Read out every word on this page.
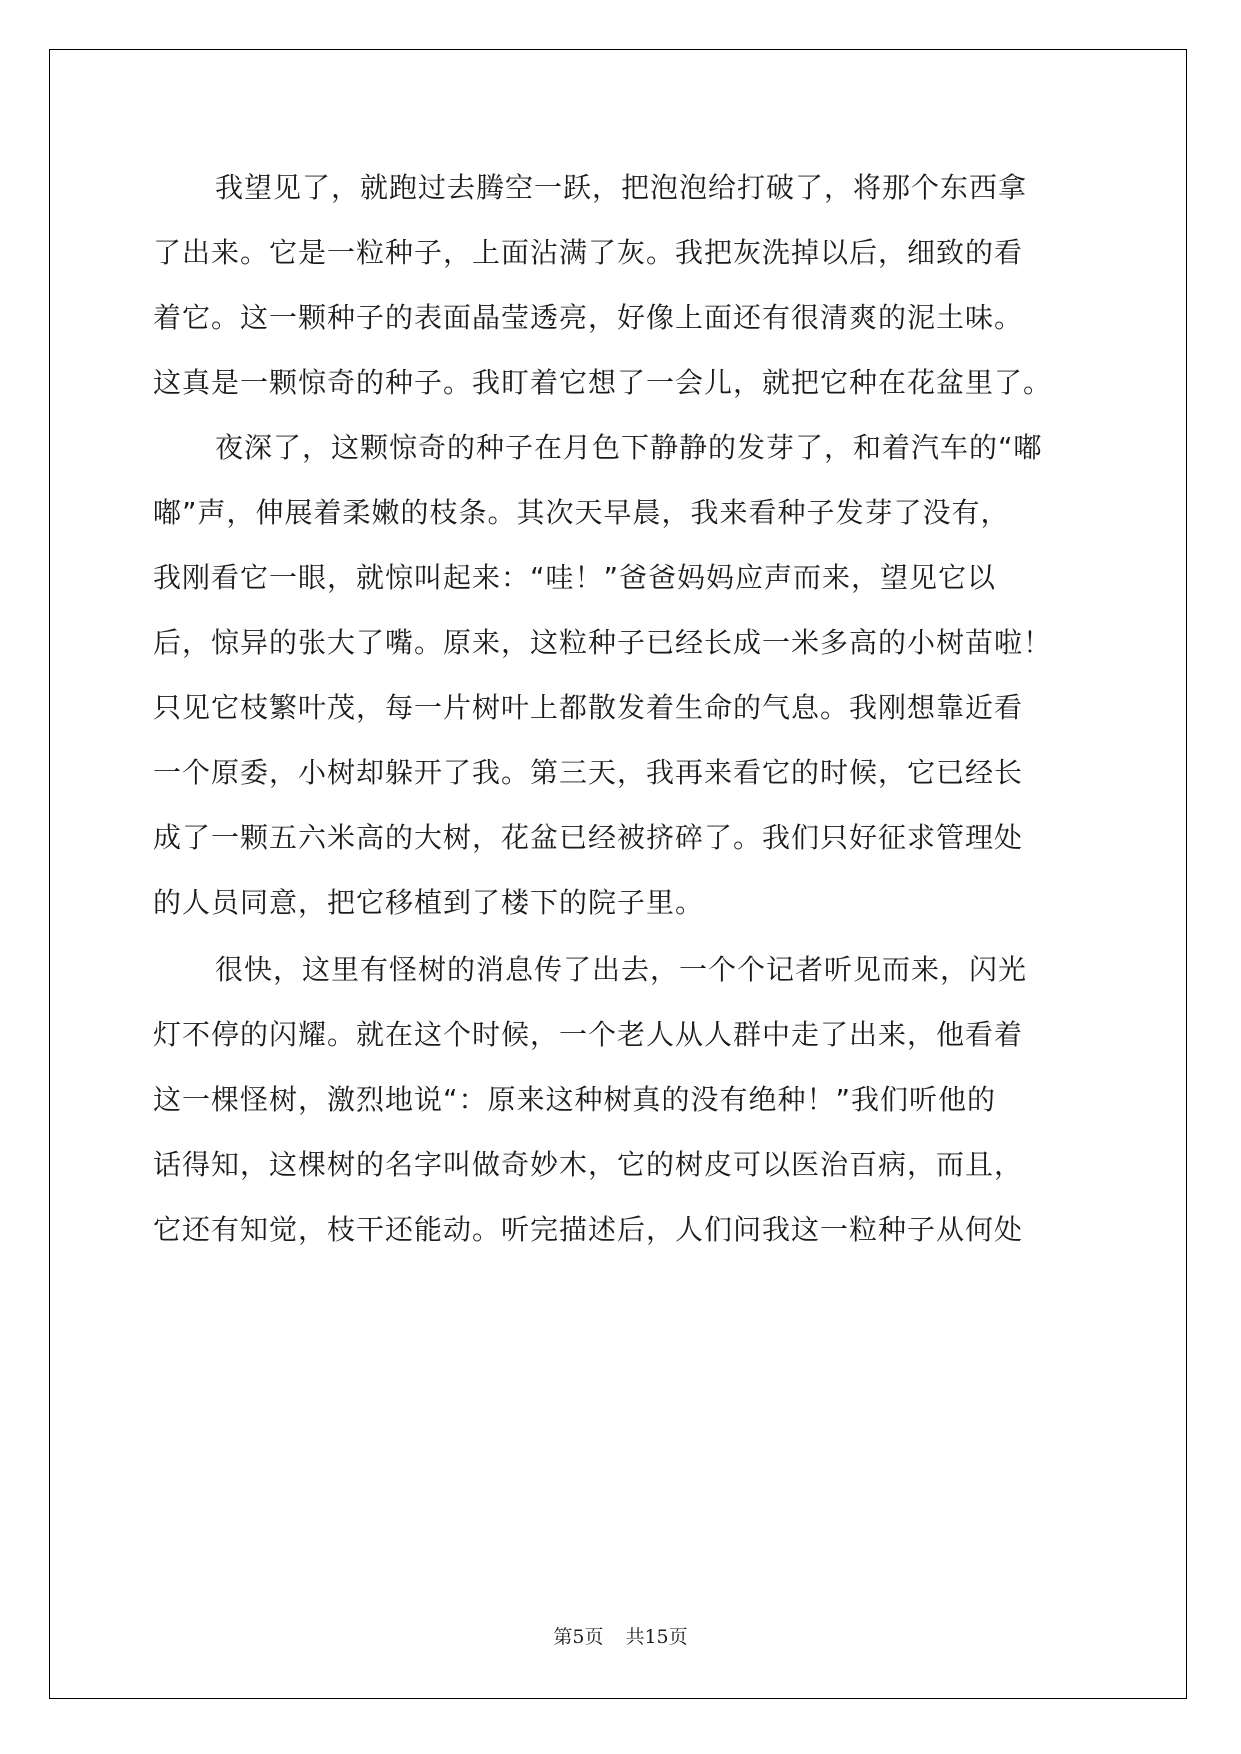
我望见了，就跑过去腾空一跃，把泡泡给打破了，将那个东西拿
了出来。它是一粒种子，上面沾满了灰。我把灰洗掉以后，细致的看
着它。这一颗种子的表面晶莹透亮，好像上面还有很清爽的泥土味。
这真是一颗惊奇的种子。我盯着它想了一会儿，就把它种在花盆里了。
夜深了，这颗惊奇的种子在月色下静静的发芽了，和着汽车的“嘟
嘟”声，伸展着柔嫩的枝条。其次天早晨，我来看种子发芽了没有，
我刚看它一眼，就惊叫起来：“哇！”爸爸妈妈应声而来，望见它以
后，惊异的张大了嘴。原来，这粒种子已经长成一米多高的小树苗啦！
只见它枝繁叶茂，每一片树叶上都散发着生命的气息。我刚想靠近看
一个原委，小树却躲开了我。第三天，我再来看它的时候，它已经长
成了一颗五六米高的大树，花盆已经被挤碎了。我们只好征求管理处
的人员同意，把它移植到了楼下的院子里。
很快，这里有怪树的消息传了出去，一个个记者听见而来，闪光
灯不停的闪耀。就在这个时候，一个老人从人群中走了出来，他看着
这一棵怪树，激烈地说“：原来这种树真的没有绝种！”我们听他的
话得知，这棵树的名字叫做奇妙木，它的树皮可以医治百病，而且，
它还有知觉，枝干还能动。听完描述后，人们问我这一粒种子从何处
第5页 共15页
